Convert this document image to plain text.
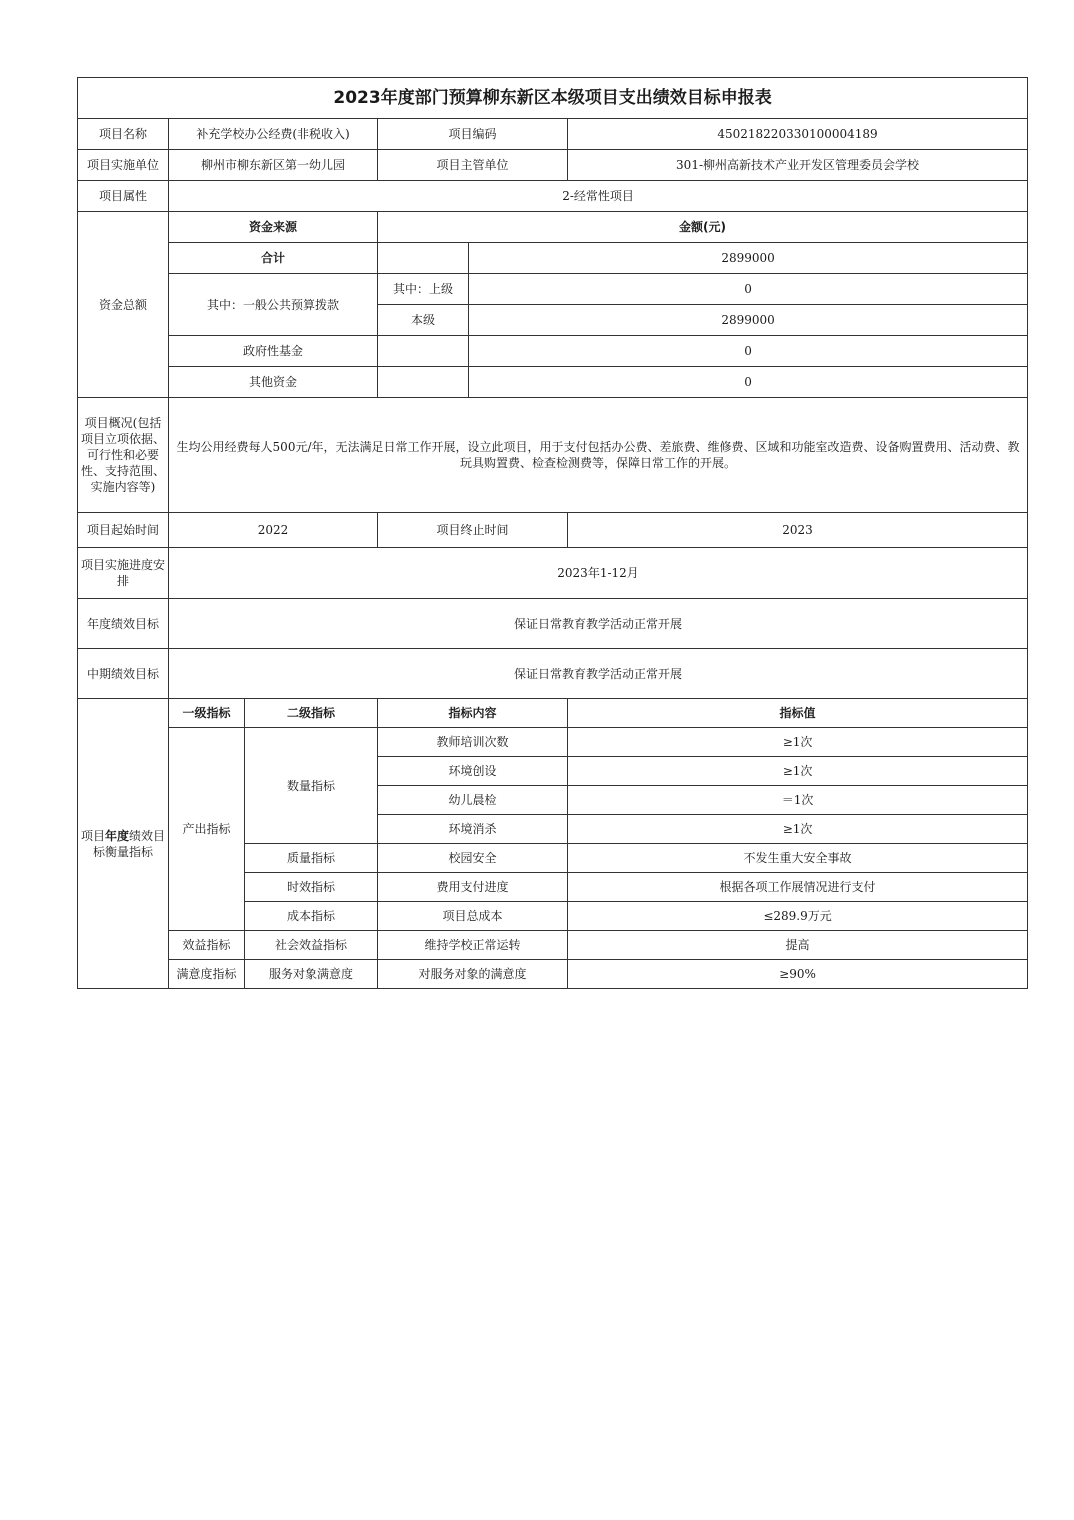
2023年度部门预算柳东新区本级项目支出绩效目标申报表					
项目名称	补充学校办公经费(非税收入)		项目编码		450218220330100004189
项目实施单位	柳州市柳东新区第一幼儿园		项目主管单位		301-柳州高新技术产业开发区管理委员会学校
项目属性	2-经常性项目				
资金总额	资金来源		金额(元)		
	合计			2899000	
	其中：一般公共预算拨款		其中：上级	0	
			本级	2899000	
	政府性基金			0	
	其他资金			0	
项目概况(包括项目立项依据、可行性和必要性、支持范围、实施内容等)	生均公用经费每人500元/年，无法满足日常工作开展，设立此项目，用于支付包括办公费、差旅费、维修费、区域和功能室改造费、设备购置费用、活动费、教玩具购置费、检查检测费等，保障日常工作的开展。				
项目起始时间	2022		项目终止时间		2023
项目实施进度安排	2023年1-12月				
年度绩效目标	保证日常教育教学活动正常开展				
中期绩效目标	保证日常教育教学活动正常开展				
项目年度绩效目标衡量指标	一级指标	二级指标	指标内容		指标值
	产出指标	数量指标	教师培训次数		≥1次
			环境创设		≥1次
			幼儿晨检		＝1次
			环境消杀		≥1次
		质量指标	校园安全		不发生重大安全事故
		时效指标	费用支付进度		根据各项工作展情况进行支付
		成本指标	项目总成本		≤289.9万元
	效益指标	社会效益指标	维持学校正常运转		提高
	满意度指标	服务对象满意度	对服务对象的满意度		≥90%
